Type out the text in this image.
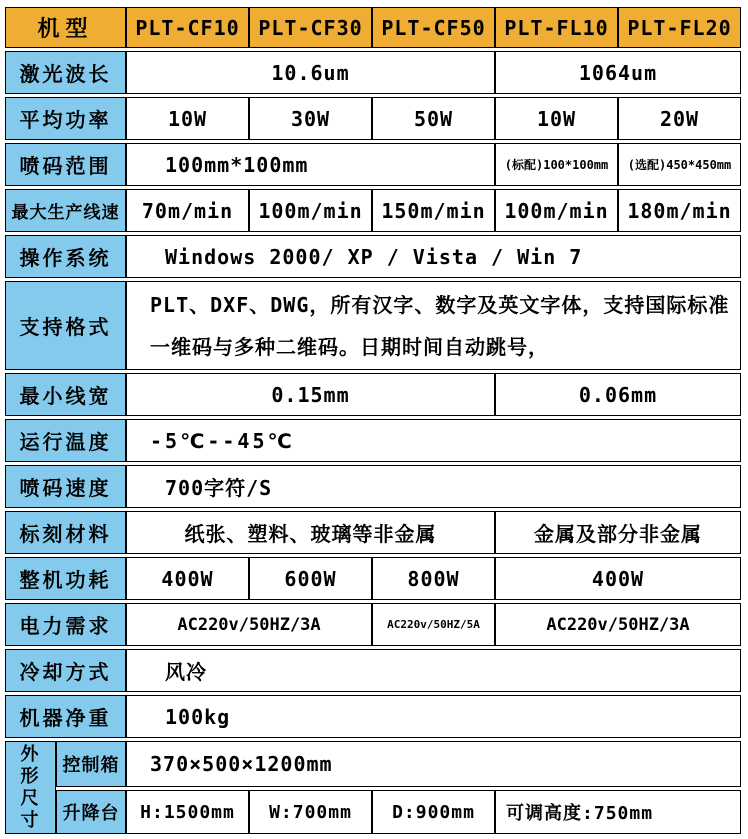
机型		PLT-CF10	PLT-CF30	PLT-CF50	PLT-FL10	PLT-FL20
激光波长		10.6um			1064um	
平均功率		10W	30W	50W	10W	20W
喷码范围		100mm*100mm			(标配)100*100mm	(选配)450*450mm
最大生产线速		70m/min	100m/min	150m/min	100m/min	180m/min
操作系统		Windows 2000/ XP / Vista / Win 7				
支持格式		PLT、DXF、DWG，所有汉字、数字及英文字体，支持国际标准一维码与多种二维码。日期时间自动跳号，				
最小线宽		0.15mm			0.06mm	
运行温度		-5℃--45℃				
喷码速度		700字符/S				
标刻材料		纸张、塑料、玻璃等非金属			金属及部分非金属	
整机功耗		400W	600W	800W	400W	
电力需求		AC220v/50HZ/3A		AC220v/50HZ/5A	AC220v/50HZ/3A	
冷却方式		风冷				
机器净重		100kg				
外形尺寸	控制箱	370×500×1200mm				
	升降台	H:1500mm	W:700mm	D:900mm	可调高度:750mm	
